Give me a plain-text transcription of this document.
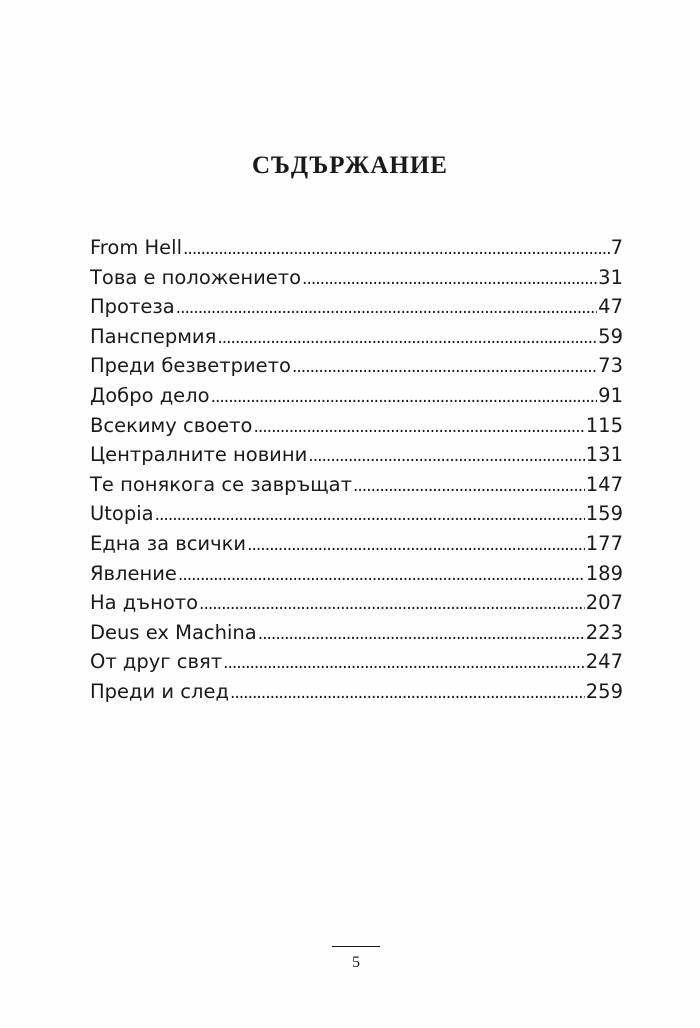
СЪДЪРЖАНИЕ
From Hell . . .	7
Това е положението . . .	31
Протеза . . .	47
Панспермия . . .	59
Преди безветрието . . .	73
Добро дело . . .	91
Всекиму своето . . .	115
Централните новини . . .	131
Те понякога се завръщат . . .	147
Utopia . . .	159
Една за всички . . .	177
Явление . . .	189
На дъното . . .	207
Deus ex Machina . . .	223
От друг свят . . .	247
Преди и след . . .	259
5
